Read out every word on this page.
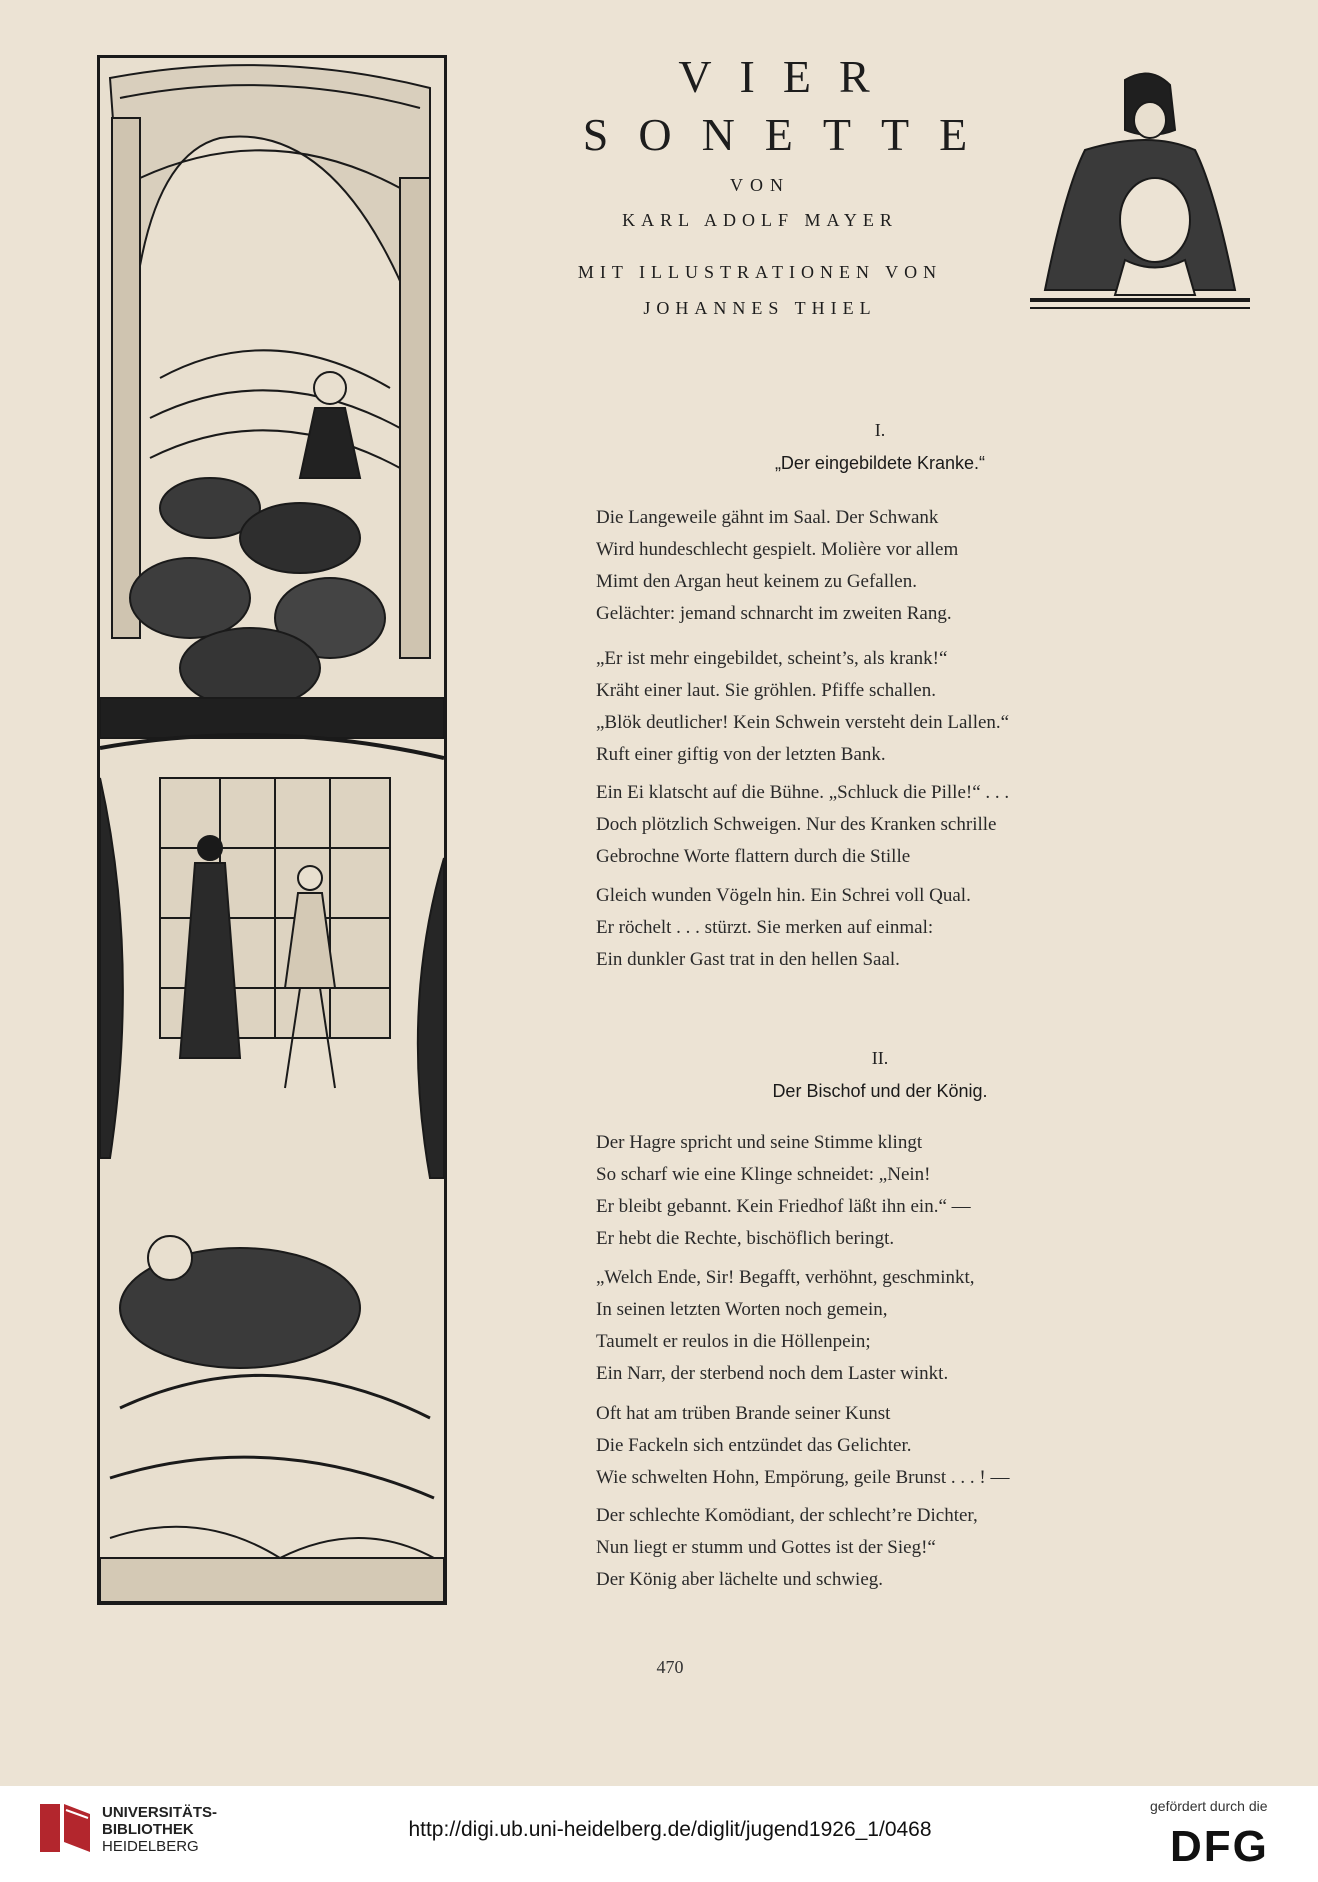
VIER
SONETTE
VON
KARL ADOLF MAYER
MIT ILLUSTRATIONEN VON
JOHANNES THIEL
I.
„Der eingebildete Kranke.“
Die Langeweile gähnt im Saal. Der Schwank
Wird hundeschlecht gespielt. Molière vor allem
Mimt den Argan heut keinem zu Gefallen.
Gelächter: jemand schnarcht im zweiten Rang.
„Er ist mehr eingebildet, scheint’s, als krank!“
Kräht einer laut. Sie gröhlen. Pfiffe schallen.
„Blök deutlicher! Kein Schwein versteht dein Lallen.“
Ruft einer giftig von der letzten Bank.
Ein Ei klatscht auf die Bühne. „Schluck die Pille!“ . . .
Doch plötzlich Schweigen. Nur des Kranken schrille
Gebrochne Worte flattern durch die Stille
Gleich wunden Vögeln hin. Ein Schrei voll Qual.
Er röchelt . . . stürzt. Sie merken auf einmal:
Ein dunkler Gast trat in den hellen Saal.
II.
Der Bischof und der König.
Der Hagre spricht und seine Stimme klingt
So scharf wie eine Klinge schneidet: „Nein!
Er bleibt gebannt. Kein Friedhof läßt ihn ein.“ —
Er hebt die Rechte, bischöflich beringt.
„Welch Ende, Sir! Begafft, verhöhnt, geschminkt,
In seinen letzten Worten noch gemein,
Taumelt er reulos in die Höllenpein;
Ein Narr, der sterbend noch dem Laster winkt.
Oft hat am trüben Brande seiner Kunst
Die Fackeln sich entzündet das Gelichter.
Wie schwelten Hohn, Empörung, geile Brunst . . . ! —
Der schlechte Komödiant, der schlecht’re Dichter,
Nun liegt er stumm und Gottes ist der Sieg!“
Der König aber lächelte und schwieg.
470
UNIVERSITÄTS-
BIBLIOTHEK
HEIDELBERG
http://digi.ub.uni-heidelberg.de/diglit/jugend1926_1/0468
gefördert durch die
DFG
